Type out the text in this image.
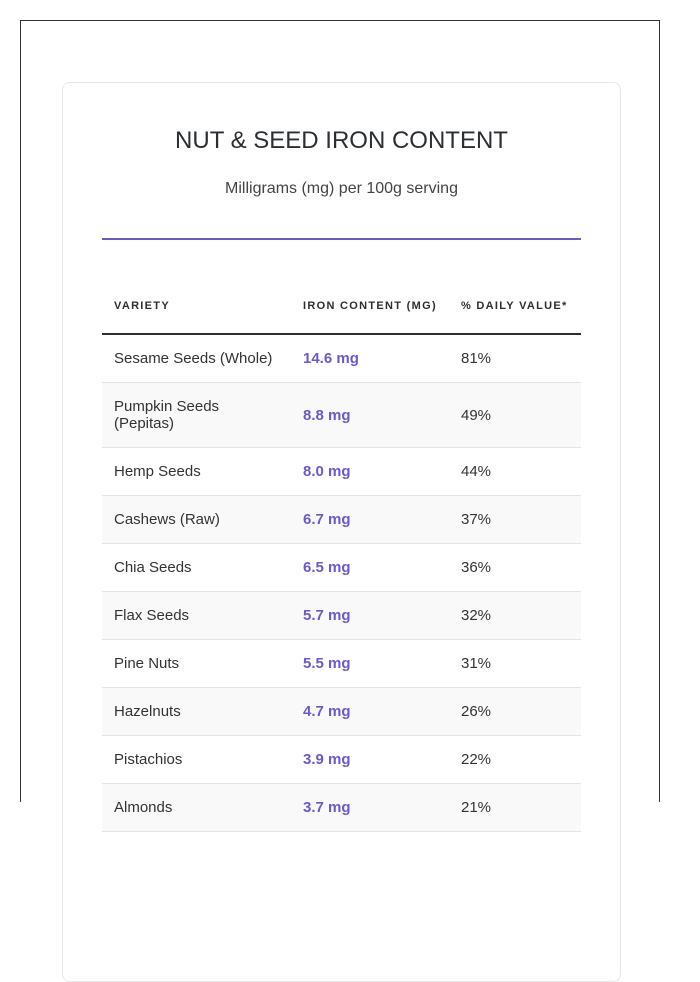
NUT & SEED IRON CONTENT

Milligrams (mg) per 100g serving

VARIETY	IRON CONTENT (MG)	% DAILY VALUE*
Sesame Seeds (Whole)	14.6 mg	81%
Pumpkin Seeds (Pepitas)	8.8 mg	49%
Hemp Seeds	8.0 mg	44%
Cashews (Raw)	6.7 mg	37%
Chia Seeds	6.5 mg	36%
Flax Seeds	5.7 mg	32%
Pine Nuts	5.5 mg	31%
Hazelnuts	4.7 mg	26%
Pistachios	3.9 mg	22%
Almonds	3.7 mg	21%
